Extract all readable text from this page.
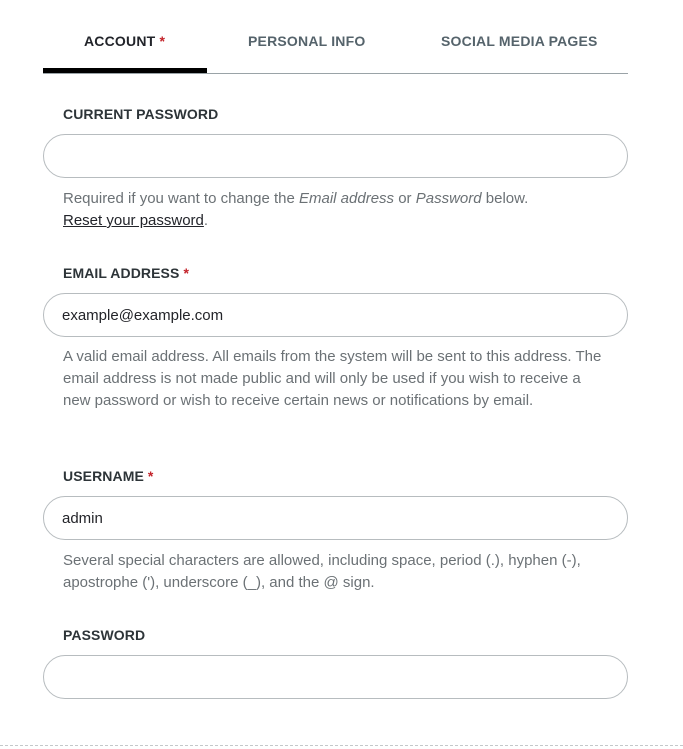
ACCOUNT *	PERSONAL INFO	SOCIAL MEDIA PAGES
CURRENT PASSWORD
Required if you want to change the Email address or Password below.
Reset your password.
EMAIL ADDRESS *
example@example.com
A valid email address. All emails from the system will be sent to this address. The email address is not made public and will only be used if you wish to receive a new password or wish to receive certain news or notifications by email.
USERNAME *
admin
Several special characters are allowed, including space, period (.), hyphen (-), apostrophe ('), underscore (_), and the @ sign.
PASSWORD
